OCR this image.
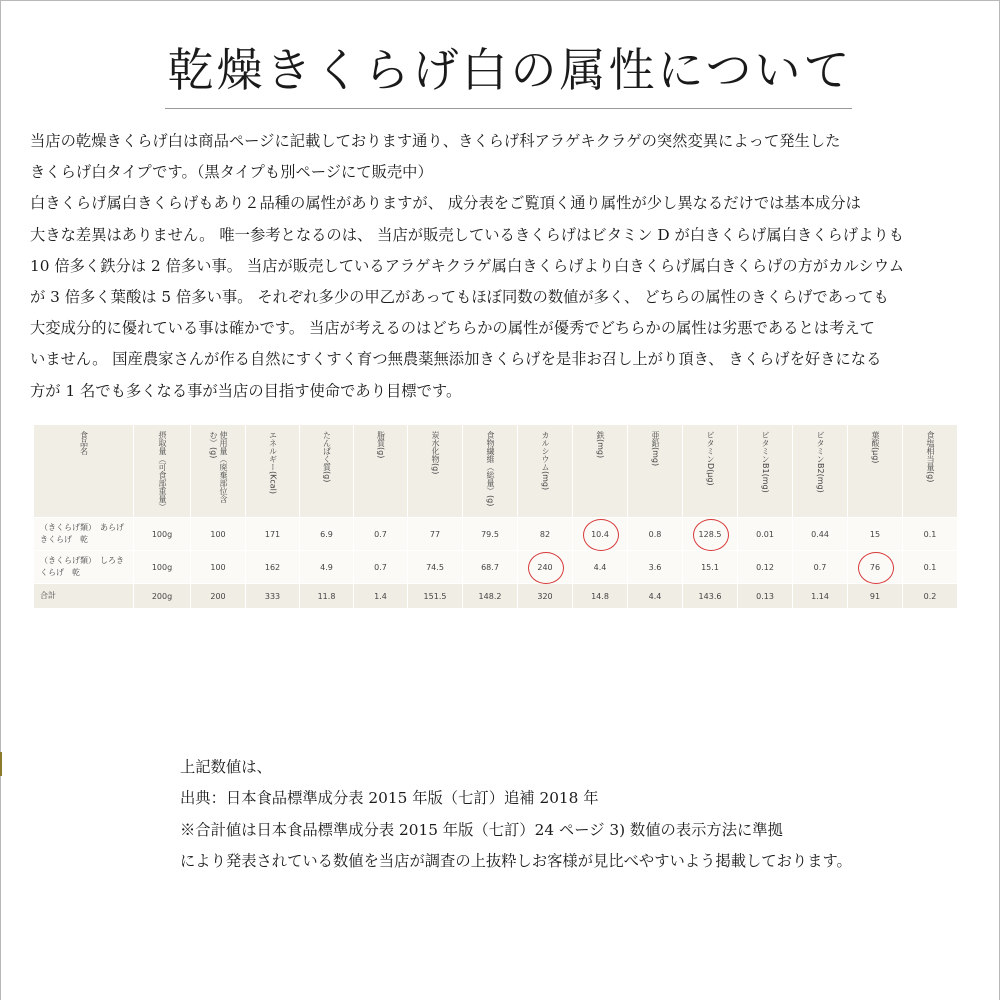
乾燥きくらげ白の属性について
当店の乾燥きくらげ白は商品ページに記載しております通り、きくらげ科アラゲキクラゲの突然変異によって発生した
きくらげ白タイプです。（黒タイプも別ページにて販売中）
白きくらげ属白きくらげもあり２品種の属性がありますが、 成分表をご覧頂く通り属性が少し異なるだけでは基本成分は
大きな差異はありません。 唯一参考となるのは、 当店が販売しているきくらげはビタミン D が白きくらげ属白きくらげよりも
10 倍多く鉄分は 2 倍多い事。 当店が販売しているアラゲキクラゲ属白きくらげより白きくらげ属白きくらげの方がカルシウム
が 3 倍多く葉酸は 5 倍多い事。 それぞれ多少の甲乙があってもほぼ同数の数値が多く、 どちらの属性のきくらげであっても
大変成分的に優れている事は確かです。 当店が考えるのはどちらかの属性が優秀でどちらかの属性は劣悪であるとは考えて
いません。 国産農家さんが作る自然にすくすく育つ無農薬無添加きくらげを是非お召し上がり頂き、 きくらげを好きになる
方が 1 名でも多くなる事が当店の目指す使命であり目標です。
食品名	摂取量（可食部重量）	使用量（廃棄部位含む）(g)	エネルギー(Kcal)	たんぱく質(g)	脂質(g)	炭水化物(g)	食物繊維（総量）(g)	カルシウム(mg)	鉄(mg)	亜鉛(mg)	ビタミンD(μg)	ビタミンB1(mg)	ビタミンB2(mg)	葉酸(μg)	食塩相当量(g)
（きくらげ類）　あらげ
きくらげ　乾	100g	100	171	6.9	0.7	77	79.5	82	10.4	0.8	128.5	0.01	0.44	15	0.1
（きくらげ類）　しろき
くらげ　乾	100g	100	162	4.9	0.7	74.5	68.7	240	4.4	3.6	15.1	0.12	0.7	76	0.1
合計	200g	200	333	11.8	1.4	151.5	148.2	320	14.8	4.4	143.6	0.13	1.14	91	0.2
上記数値は、
出典：日本食品標準成分表 2015 年版（七訂）追補 2018 年
※合計値は日本食品標準成分表 2015 年版（七訂）24 ページ 3) 数値の表示方法に準拠
により発表されている数値を当店が調査の上抜粋しお客様が見比べやすいよう掲載しております。
